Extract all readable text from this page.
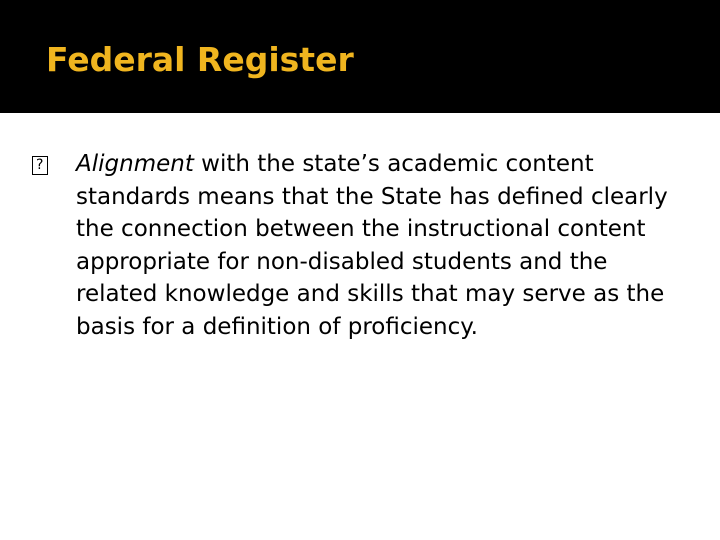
Federal Register
?
Alignment with the state’s academic content standards means that the State has defined clearly the connection between the instructional content appropriate for non-disabled students and the related knowledge and skills that may serve as the basis for a definition of proficiency.
